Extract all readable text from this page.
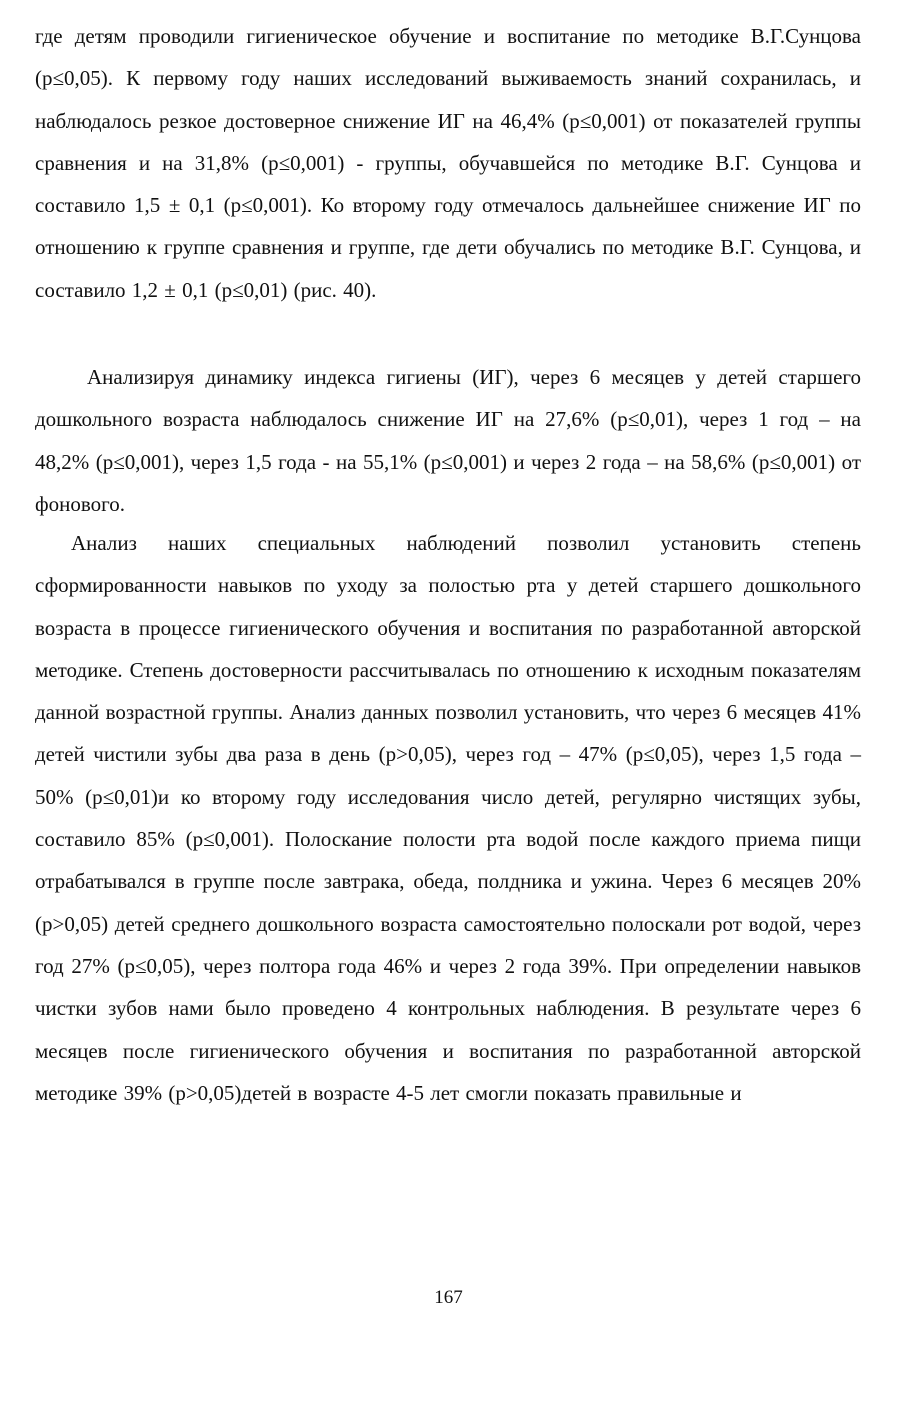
где детям проводили гигиеническое обучение и воспитание по методике В.Г.Сунцова (p≤0,05). К первому году наших исследований выживаемость знаний сохранилась, и наблюдалось резкое достоверное снижение ИГ на 46,4% (p≤0,001) от показателей группы сравнения и на 31,8% (p≤0,001) - группы, обучавшейся по методике В.Г. Сунцова и составило 1,5 ± 0,1 (p≤0,001). Ко второму году отмечалось дальнейшее снижение ИГ по отношению к группе сравнения и группе, где дети обучались по методике В.Г. Сунцова, и составило 1,2 ± 0,1 (p≤0,01) (рис. 40).

Анализируя динамику индекса гигиены (ИГ), через 6 месяцев у детей старшего дошкольного возраста наблюдалось снижение ИГ на 27,6% (p≤0,01), через 1 год – на 48,2% (p≤0,001), через 1,5 года - на 55,1% (p≤0,001) и через 2 года – на 58,6% (p≤0,001) от фонового.

Анализ наших специальных наблюдений позволил установить степень сформированности навыков по уходу за полостью рта у детей старшего дошкольного возраста в процессе гигиенического обучения и воспитания по разработанной авторской методике. Степень достоверности рассчитывалась по отношению к исходным показателям данной возрастной группы. Анализ данных позволил установить, что через 6 месяцев 41% детей чистили зубы два раза в день (p>0,05), через год – 47% (p≤0,05), через 1,5 года – 50% (p≤0,01)и ко второму году исследования число детей, регулярно чистящих зубы, составило 85% (p≤0,001). Полоскание полости рта водой после каждого приема пищи отрабатывался в группе после завтрака, обеда, полдника и ужина. Через 6 месяцев 20% (p>0,05) детей среднего дошкольного возраста самостоятельно полоскали рот водой, через год 27% (p≤0,05), через полтора года 46% и через 2 года 39%. При определении навыков чистки зубов нами было проведено 4 контрольных наблюдения. В результате через 6 месяцев после гигиенического обучения и воспитания по разработанной авторской методике 39% (p>0,05)детей в возрасте 4-5 лет смогли показать правильные и

167
